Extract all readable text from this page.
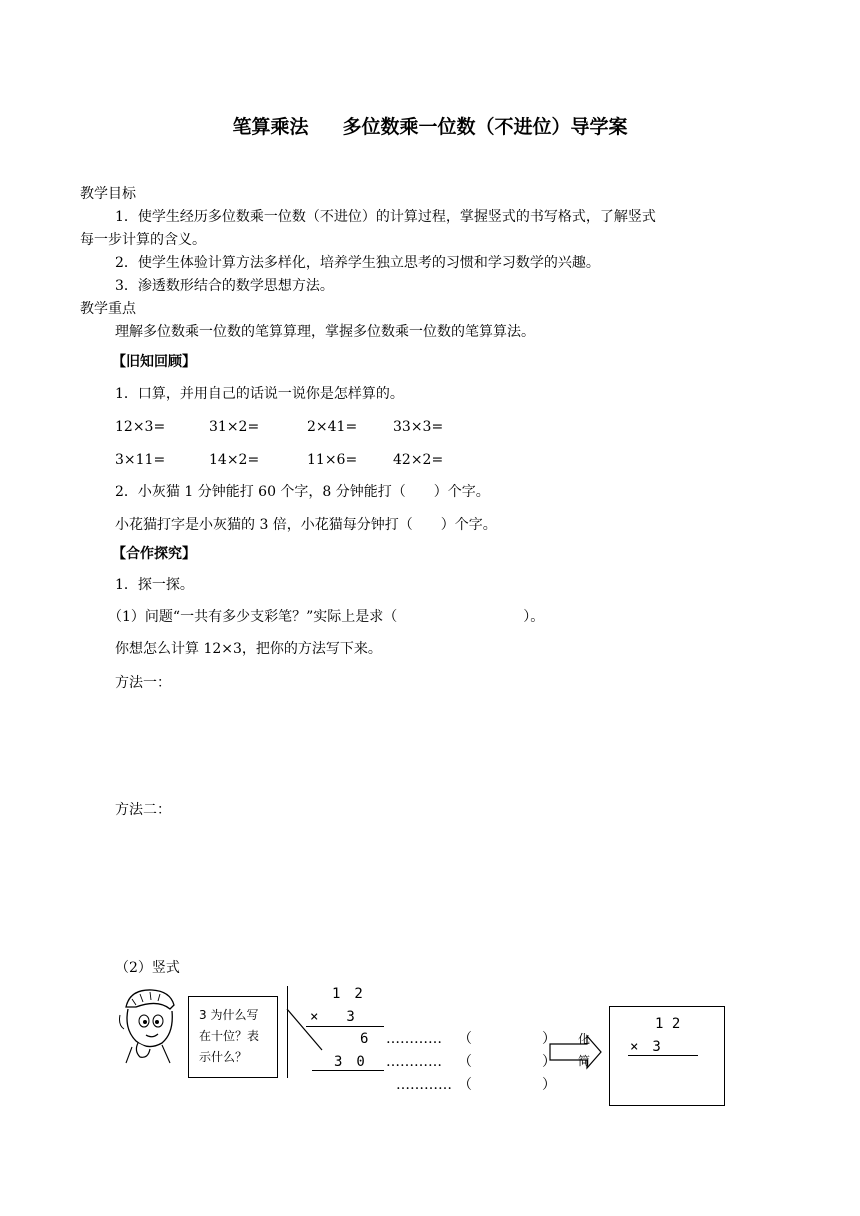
笔算乘法 多位数乘一位数（不进位）导学案
教学目标
1．使学生经历多位数乘一位数（不进位）的计算过程，掌握竖式的书写格式，了解竖式
每一步计算的含义。
2．使学生体验计算方法多样化，培养学生独立思考的习惯和学习数学的兴趣。
3．渗透数形结合的数学思想方法。
教学重点
理解多位数乘一位数的笔算算理，掌握多位数乘一位数的笔算算法。
【旧知回顾】
1．口算，并用自己的话说一说你是怎样算的。
12×3=	31×2=	2×41=	33×3=
3×11=	14×2=	11×6=	42×2=
2．小灰猫 1 分钟能打 60 个字，8 分钟能打（　　）个字。
小花猫打字是小灰猫的 3 倍，小花猫每分钟打（　　）个字。
【合作探究】
1．探一探。
（1）问题“一共有多少支彩笔？”实际上是求（　　　　　　　　　）。
你想怎么计算 12×3，把你的方法写下来。
方法一：
方法二：
（2）竖式
3 为什么写
在十位？表
示什么？
1　2
×　　3
6
3　0
………… （　　　　　）
………… （　　　　　）
………… （　　　　　）
化简
1 2
×　3
